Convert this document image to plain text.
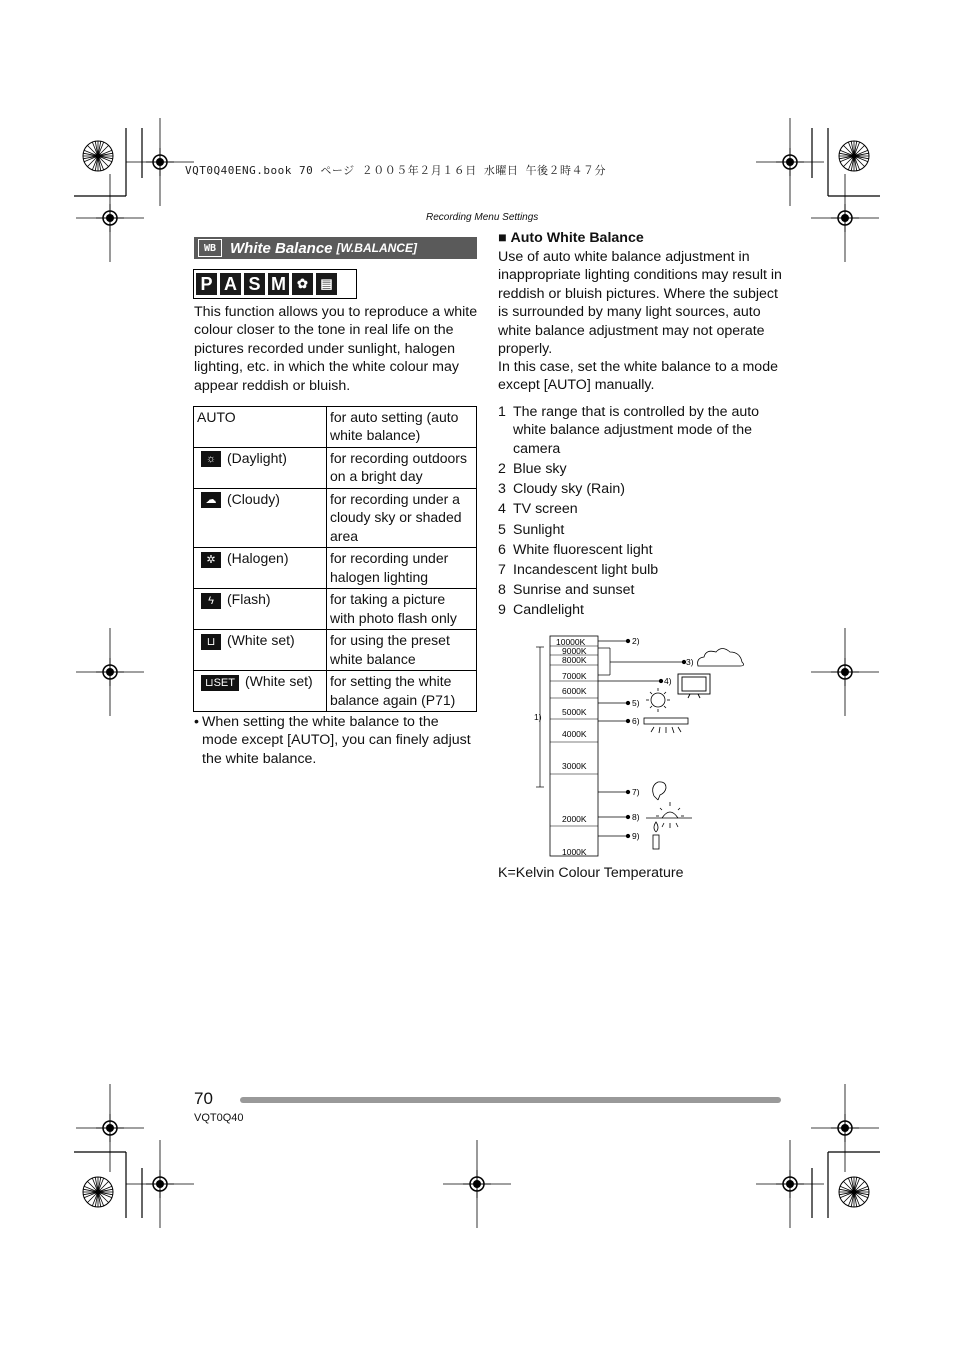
VQT0Q40ENG.book 70 ページ ２００５年２月１６日 水曜日 午後２時４７分
Recording Menu Settings
WB White Balance [W.BALANCE]
P A S M ✿ ▤
This function allows you to reproduce a white colour closer to the tone in real life on the pictures recorded under sunlight, halogen lighting, etc. in which the white colour may appear reddish or bluish.
AUTO	for auto setting (auto white balance)
☼ (Daylight)	for recording outdoors on a bright day
☁ (Cloudy)	for recording under a cloudy sky or shaded area
✲ (Halogen)	for recording under halogen lighting
ϟ (Flash)	for taking a picture with photo flash only
⊔ (White set)	for using the preset white balance
⊔SET (White set)	for setting the white balance again (P71)
• When setting the white balance to the mode except [AUTO], you can finely adjust the white balance.
■ Auto White Balance
Use of auto white balance adjustment in inappropriate lighting conditions may result in reddish or bluish pictures. Where the subject is surrounded by many light sources, auto white balance adjustment may not operate properly.
In this case, set the white balance to a mode except [AUTO] manually.
1 The range that is controlled by the auto white balance adjustment mode of the camera
2 Blue sky
3 Cloudy sky (Rain)
4 TV screen
5 Sunlight
6 White fluorescent light
7 Incandescent light bulb
8 Sunrise and sunset
9 Candlelight
10000K
9000K
8000K
7000K
6000K
5000K
4000K
3000K
2000K
1000K
1)
2)
3)
4)
5)
6)
7)
8)
9)
K=Kelvin Colour Temperature
70
VQT0Q40
